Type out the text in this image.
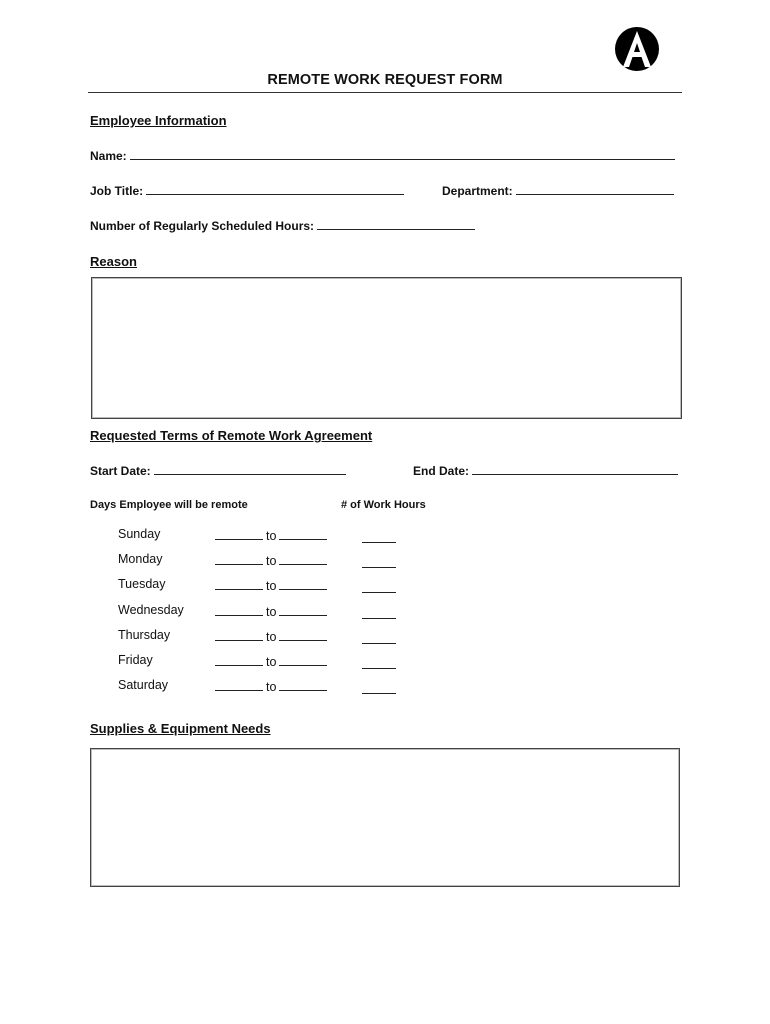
REMOTE WORK REQUEST FORM
Employee Information
Name:
Job Title:	Department:
Number of Regularly Scheduled Hours:
Reason
Requested Terms of Remote Work Agreement
Start Date:	End Date:
Days Employee will be remote	# of Work Hours
Sunday	to
Monday	to
Tuesday	to
Wednesday	to
Thursday	to
Friday	to
Saturday	to
Supplies & Equipment Needs
